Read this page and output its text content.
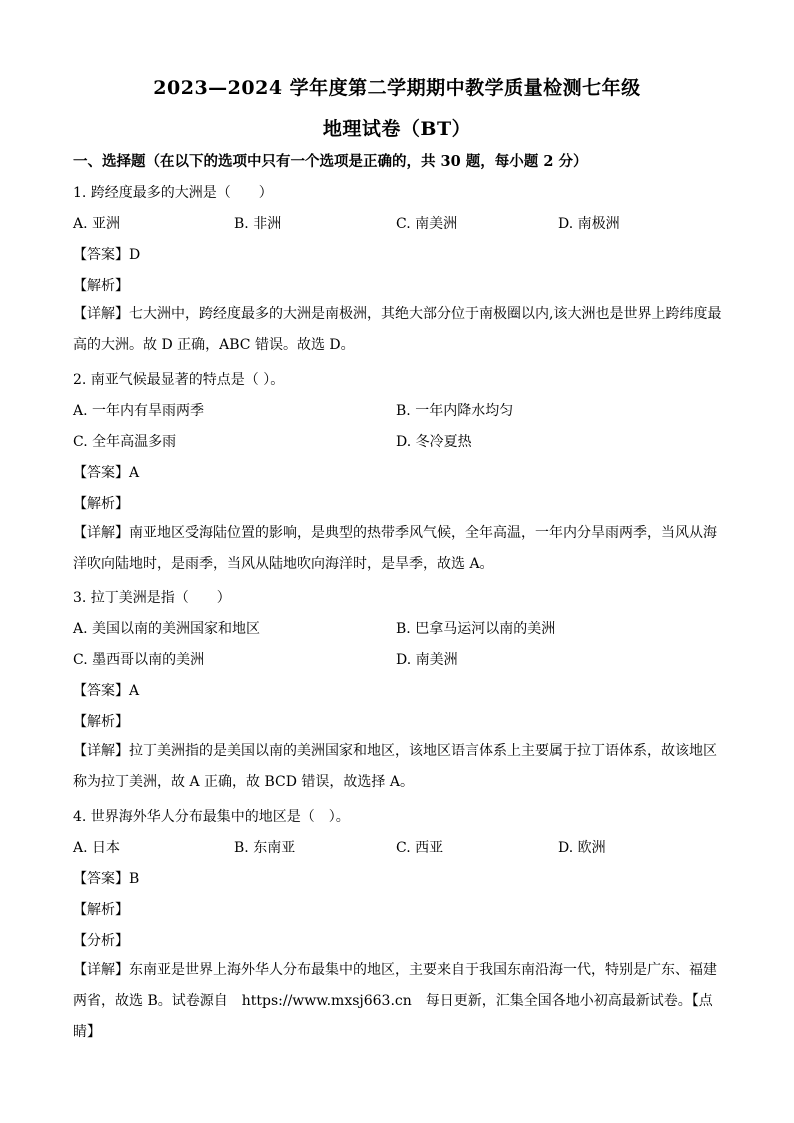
2023—2024 学年度第二学期期中教学质量检测七年级
地理试卷（BT）
一、选择题（在以下的选项中只有一个选项是正确的，共 30 题，每小题 2 分）
1. 跨经度最多的大洲是（　　）
A. 亚洲	B. 非洲	C. 南美洲	D. 南极洲
【答案】D
【解析】
【详解】七大洲中，跨经度最多的大洲是南极洲，其绝大部分位于南极圈以内,该大洲也是世界上跨纬度最高的大洲。故 D 正确，ABC 错误。故选 D。
2. 南亚气候最显著的特点是（ ）。
A. 一年内有旱雨两季	B. 一年内降水均匀
C. 全年高温多雨	D. 冬冷夏热
【答案】A
【解析】
【详解】南亚地区受海陆位置的影响，是典型的热带季风气候，全年高温，一年内分旱雨两季，当风从海洋吹向陆地时，是雨季，当风从陆地吹向海洋时，是旱季，故选 A。
3. 拉丁美洲是指（　　）
A. 美国以南的美洲国家和地区	B. 巴拿马运河以南的美洲
C. 墨西哥以南的美洲	D. 南美洲
【答案】A
【解析】
【详解】拉丁美洲指的是美国以南的美洲国家和地区，该地区语言体系上主要属于拉丁语体系，故该地区称为拉丁美洲，故 A 正确，故 BCD 错误，故选择 A。
4. 世界海外华人分布最集中的地区是（　）。
A. 日本	B. 东南亚	C. 西亚	D. 欧洲
【答案】B
【解析】
【分析】
【详解】东南亚是世界上海外华人分布最集中的地区，主要来自于我国东南沿海一代，特别是广东、福建两省，故选 B。试卷源自　https://www.mxsj663.cn　每日更新，汇集全国各地小初高最新试卷。【点睛】
